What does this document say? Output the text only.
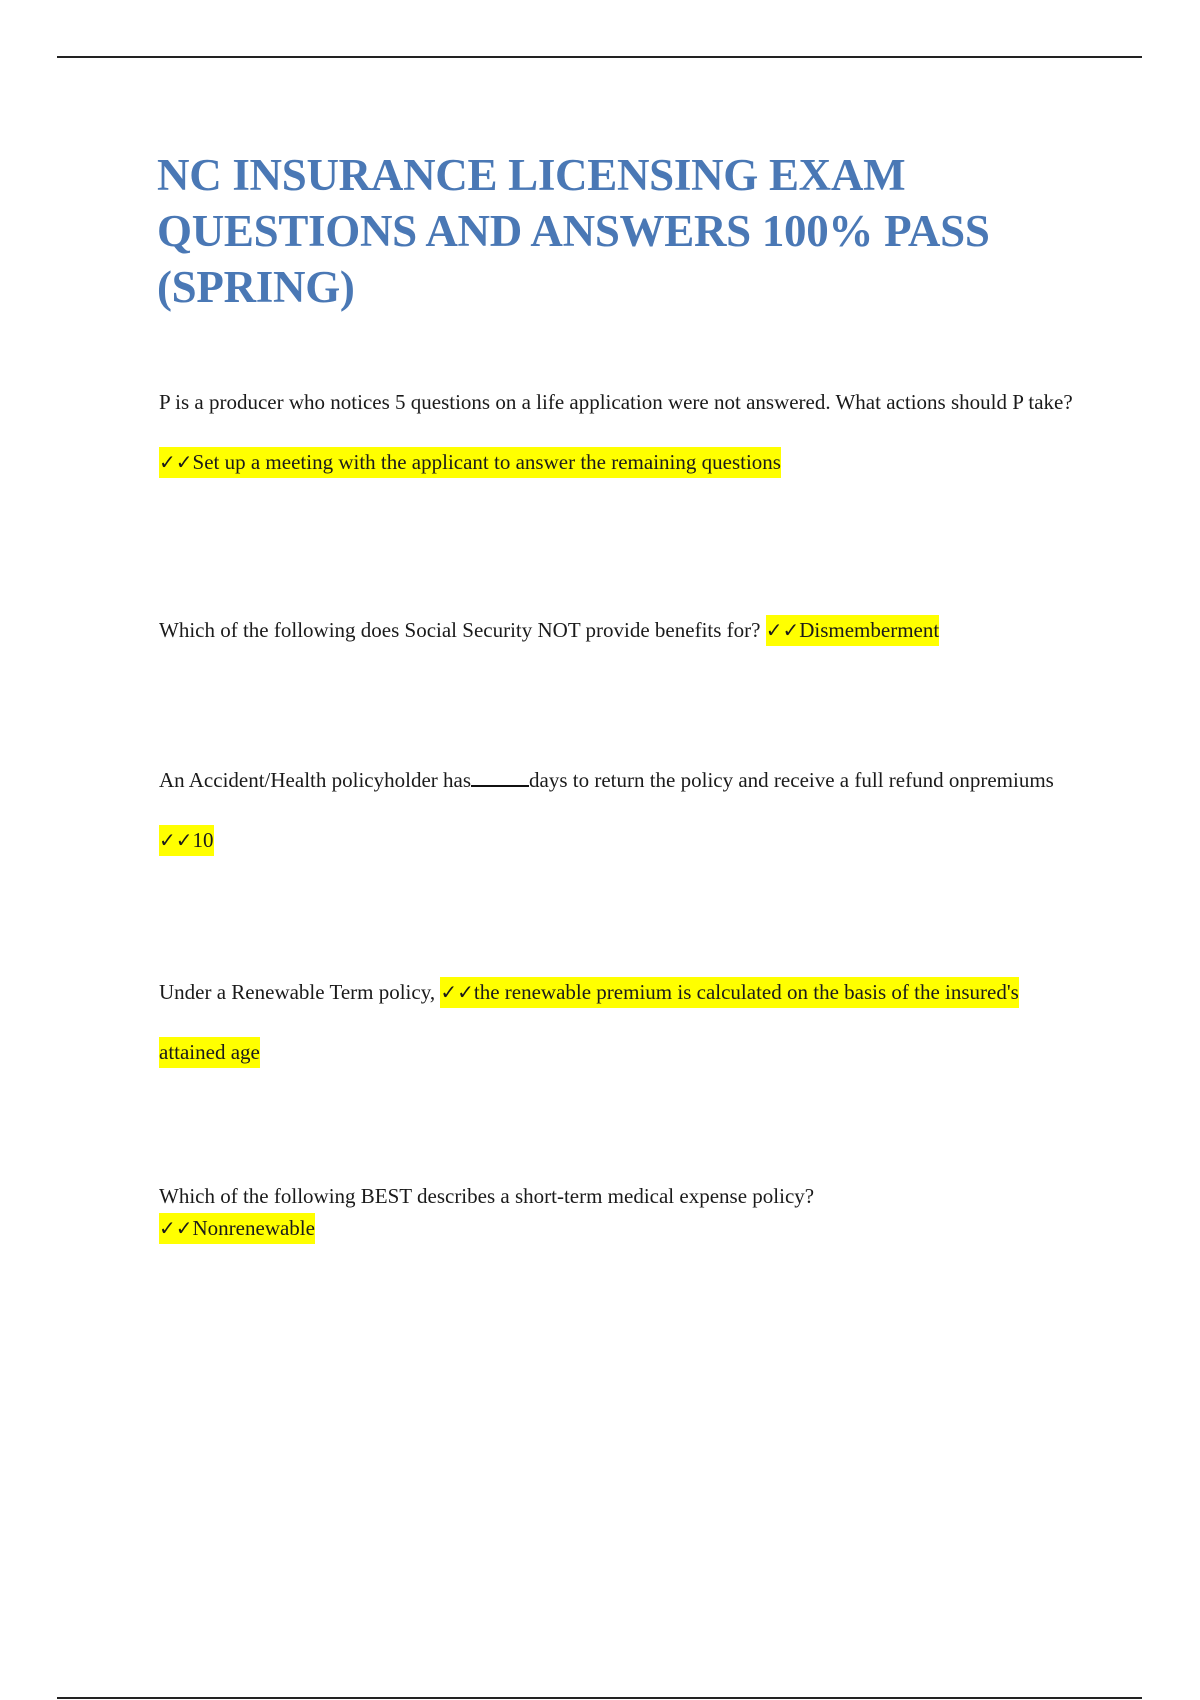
NC INSURANCE LICENSING EXAM QUESTIONS AND ANSWERS 100% PASS (SPRING)

P is a producer who notices 5 questions on a life application were not answered. What actions should P take? ✓✓Set up a meeting with the applicant to answer the remaining questions

Which of the following does Social Security NOT provide benefits for? ✓✓Dismemberment

An Accident/Health policyholder has	days to return the policy and receive a full refund onpremiums ✓✓10

Under a Renewable Term policy, ✓✓the renewable premium is calculated on the basis of the insured's attained age

Which of the following BEST describes a short-term medical expense policy?
✓✓Nonrenewable
